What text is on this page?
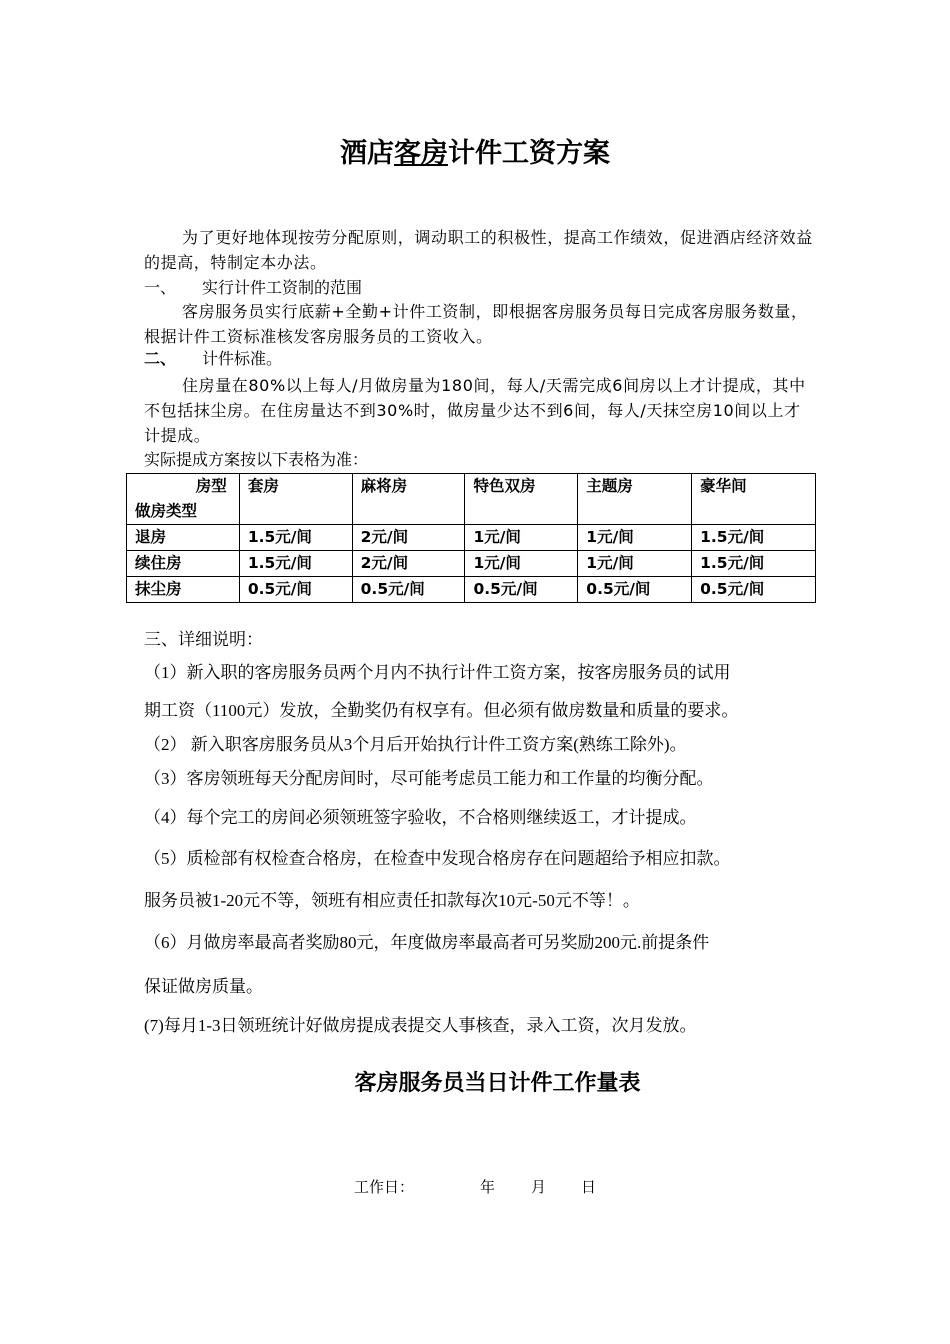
酒店客房计件工资方案
为了更好地体现按劳分配原则，调动职工的积极性，提高工作绩效，促进酒店经济效益的提高，特制定本办法。
一、 实行计件工资制的范围
客房服务员实行底薪+全勤+计件工资制，即根据客房服务员每日完成客房服务数量，根据计件工资标准核发客房服务员的工资收入。
二、 计件标准。
住房量在80%以上每人/月做房量为180间，每人/天需完成6间房以上才计提成，其中不包括抹尘房。在住房量达不到30%时，做房量少达不到6间，每人/天抹空房10间以上才计提成。
实际提成方案按以下表格为准：
房型
做房类型	套房	麻将房	特色双房	主题房	豪华间
退房	1.5元/间	2元/间	1元/间	1元/间	1.5元/间
续住房	1.5元/间	2元/间	1元/间	1元/间	1.5元/间
抹尘房	0.5元/间	0.5元/间	0.5元/间	0.5元/间	0.5元/间
三、详细说明：
（1）新入职的客房服务员两个月内不执行计件工资方案，按客房服务员的试用
期工资（1100元）发放，全勤奖仍有权享有。但必须有做房数量和质量的要求。
（2） 新入职客房服务员从3个月后开始执行计件工资方案(熟练工除外)。
（3）客房领班每天分配房间时，尽可能考虑员工能力和工作量的均衡分配。
（4）每个完工的房间必须领班签字验收，不合格则继续返工，才计提成。
（5）质检部有权检查合格房，在检查中发现合格房存在问题超给予相应扣款。
服务员被1-20元不等，领班有相应责任扣款每次10元-50元不等！。
（6）月做房率最高者奖励80元，年度做房率最高者可另奖励200元.前提条件
保证做房质量。
(7)每月1-3日领班统计好做房提成表提交人事核查，录入工资，次月发放。
客房服务员当日计件工作量表
工作日：	年 月 日
